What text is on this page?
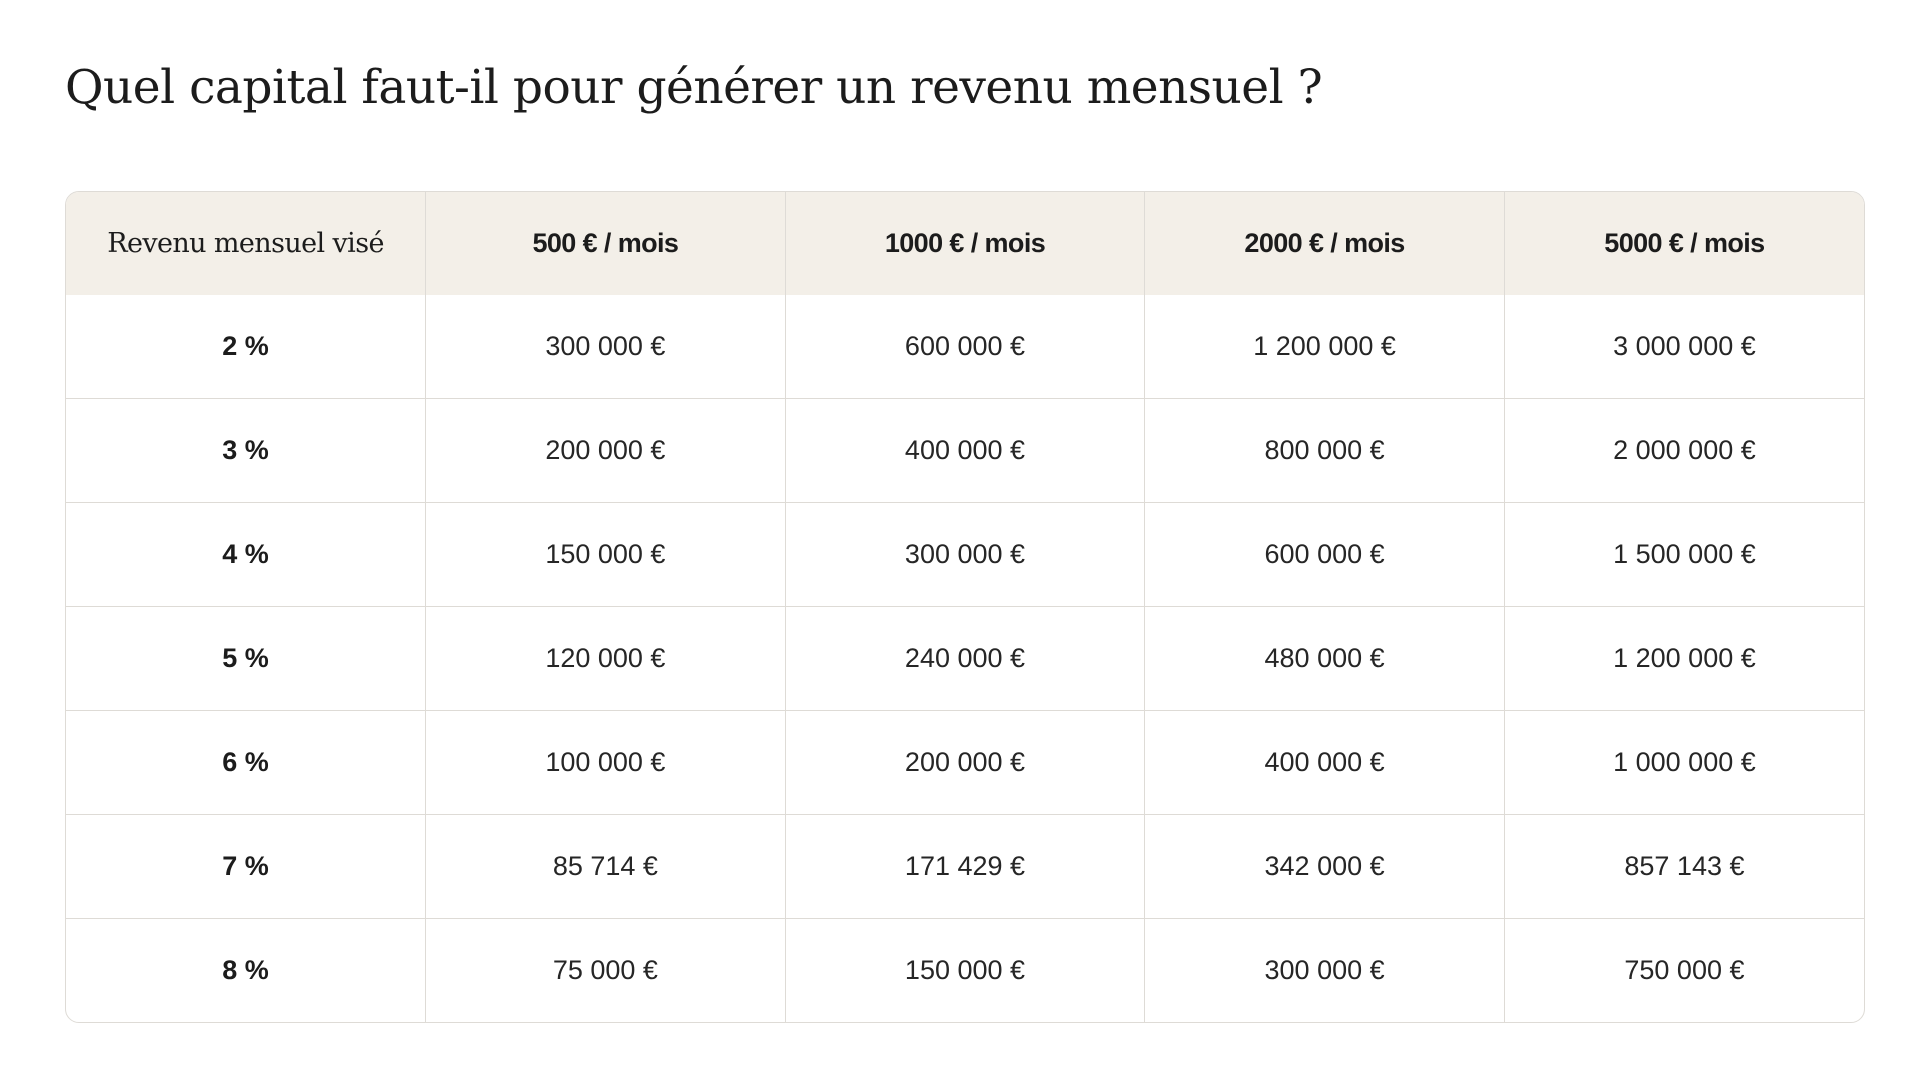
Quel capital faut-il pour générer un revenu mensuel ?
Revenu mensuel visé	500 € / mois	1000 € / mois	2000 € / mois	5000 € / mois
2 %	300 000 €	600 000 €	1 200 000 €	3 000 000 €
3 %	200 000 €	400 000 €	800 000 €	2 000 000 €
4 %	150 000 €	300 000 €	600 000 €	1 500 000 €
5 %	120 000 €	240 000 €	480 000 €	1 200 000 €
6 %	100 000 €	200 000 €	400 000 €	1 000 000 €
7 %	85 714 €	171 429 €	342 000 €	857 143 €
8 %	75 000 €	150 000 €	300 000 €	750 000 €
